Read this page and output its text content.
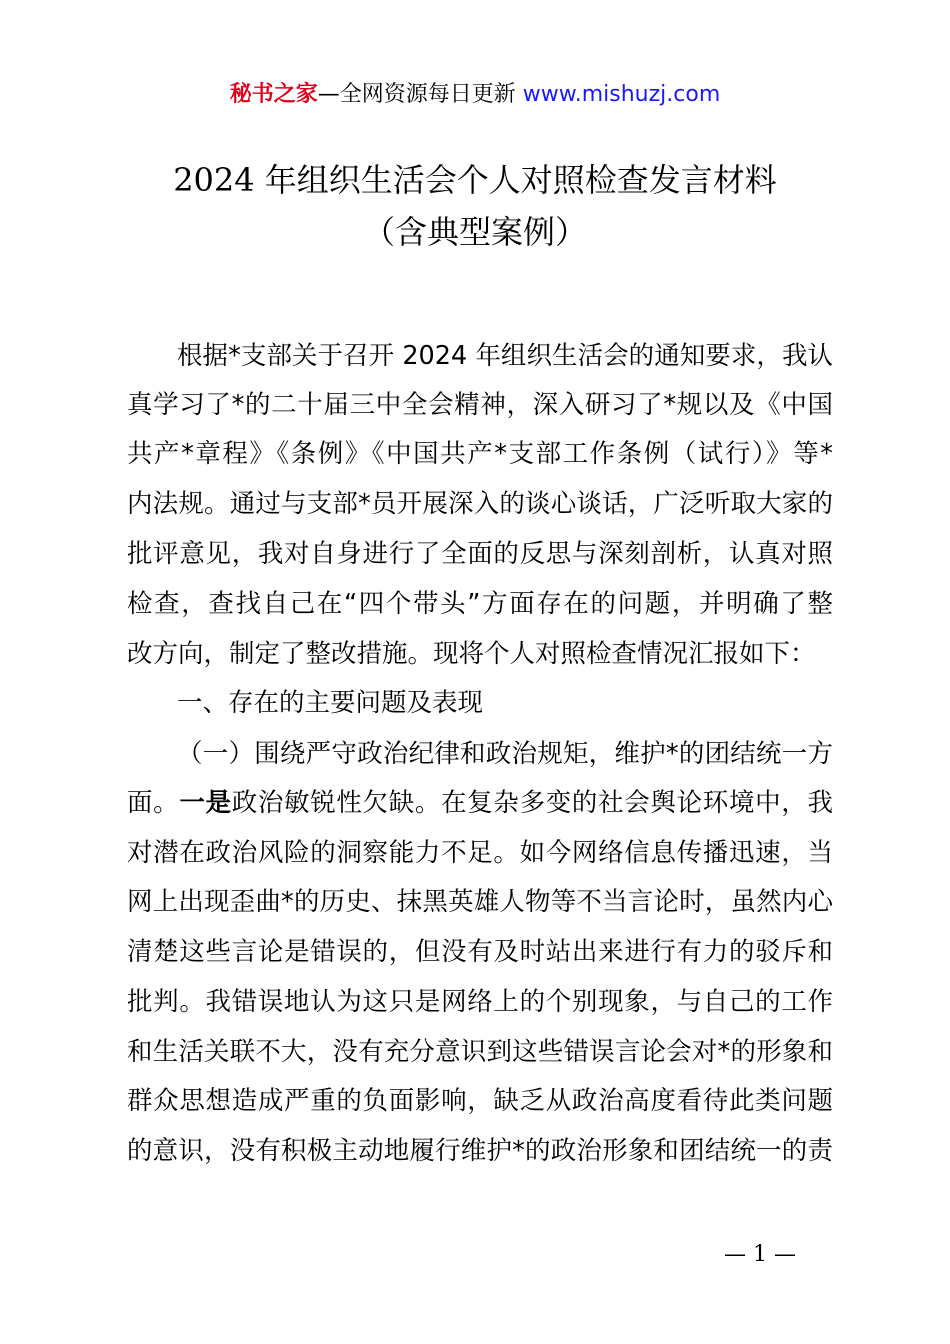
秘书之家—全网资源每日更新 www.mishuzj.com
2024 年组织生活会个人对照检查发言材料
（含典型案例）
根据*支部关于召开 2024 年组织生活会的通知要求，我认
真学习了*的二十届三中全会精神，深入研习了*规以及《中国
共产*章程》《条例》《中国共产*支部工作条例（试行）》等*
内法规。通过与支部*员开展深入的谈心谈话，广泛听取大家的
批评意见，我对自身进行了全面的反思与深刻剖析，认真对照
检查，查找自己在“四个带头”方面存在的问题，并明确了整
改方向，制定了整改措施。现将个人对照检查情况汇报如下：
一、存在的主要问题及表现
（一）围绕严守政治纪律和政治规矩，维护*的团结统一方
面。一是政治敏锐性欠缺。在复杂多变的社会舆论环境中，我
对潜在政治风险的洞察能力不足。如今网络信息传播迅速，当
网上出现歪曲*的历史、抹黑英雄人物等不当言论时，虽然内心
清楚这些言论是错误的，但没有及时站出来进行有力的驳斥和
批判。我错误地认为这只是网络上的个别现象，与自己的工作
和生活关联不大，没有充分意识到这些错误言论会对*的形象和
群众思想造成严重的负面影响，缺乏从政治高度看待此类问题
的意识，没有积极主动地履行维护*的政治形象和团结统一的责
— 1 —
